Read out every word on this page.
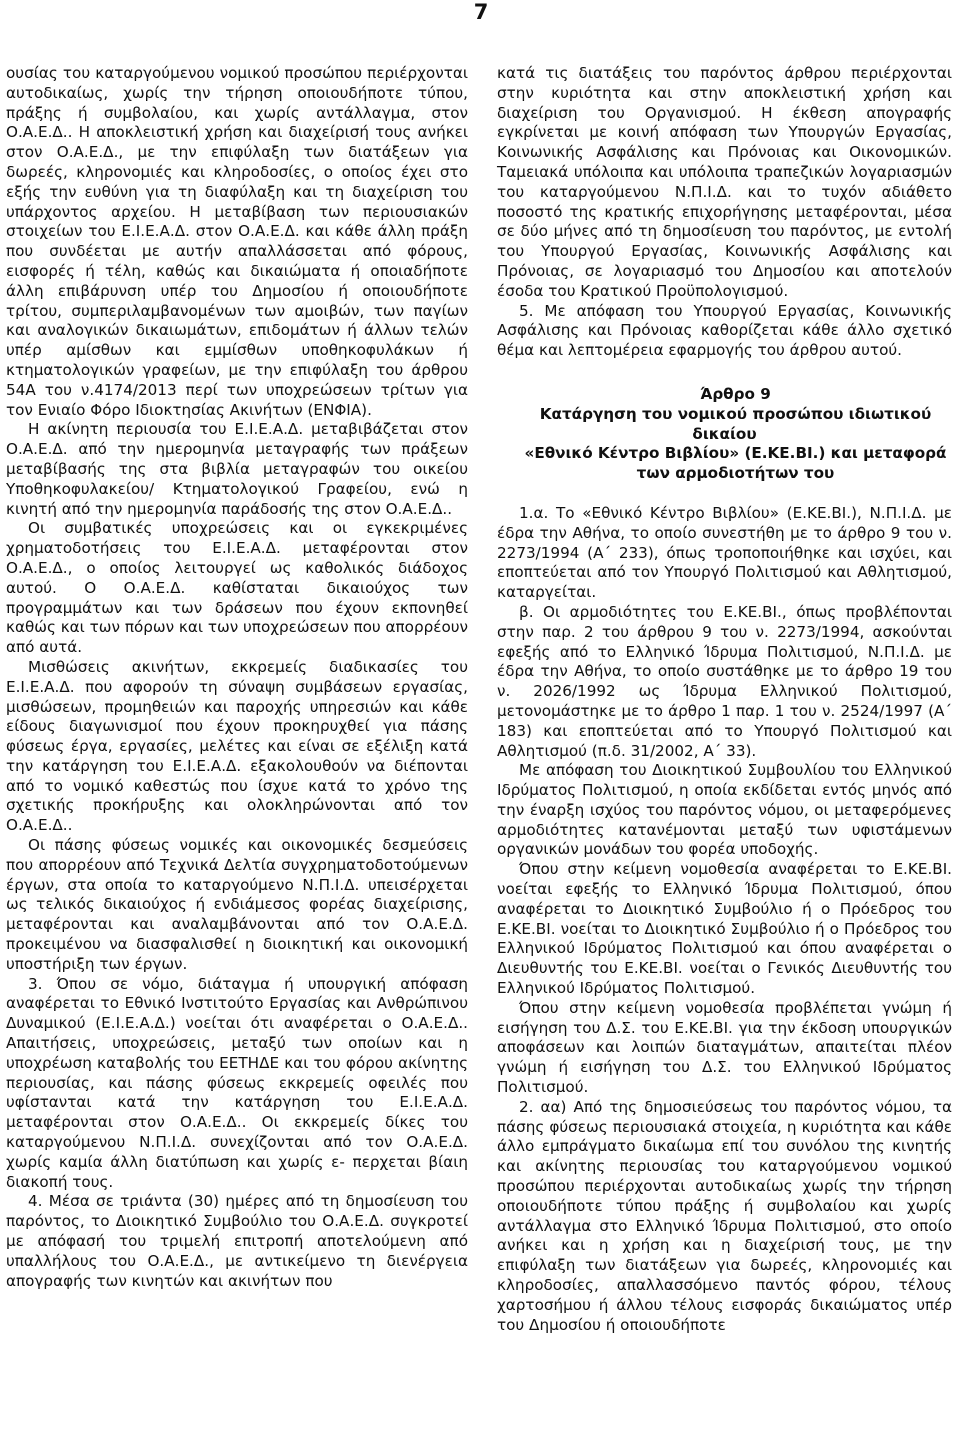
7

ουσίας του καταργούμενου νομικού προσώπου περιέρχονται αυτοδικαίως, χωρίς την τήρηση οποιουδήποτε τύπου, πράξης ή συμβολαίου, και χωρίς αντάλλαγμα, στον Ο.Α.Ε.Δ.. Η αποκλειστική χρήση και διαχείρισή τους ανήκει στον Ο.Α.Ε.Δ., με την επιφύλαξη των διατάξεων για δωρεές, κληρονομιές και κληροδοσίες, ο οποίος έχει στο εξής την ευθύνη για τη διαφύλαξη και τη διαχείριση του υπάρχοντος αρχείου. Η μεταβίβαση των περιουσιακών στοιχείων του Ε.Ι.Ε.Α.Δ. στον Ο.Α.Ε.Δ. και κάθε άλλη πράξη που συνδέεται με αυτήν απαλλάσσεται από φόρους, εισφορές ή τέλη, καθώς και δικαιώματα ή οποιαδήποτε άλλη επιβάρυνση υπέρ του Δημοσίου ή οποιουδήποτε τρίτου, συμπεριλαμβανομένων των αμοιβών, των παγίων και αναλογικών δικαιωμάτων, επιδομάτων ή άλλων τελών υπέρ αμίσθων και εμμίσθων υποθηκοφυλάκων ή κτηματολογικών γραφείων, με την επιφύλαξη του άρθρου 54Α του ν.4174/2013 περί των υποχρεώσεων τρίτων για τον Ενιαίο Φόρο Ιδιοκτησίας Ακινήτων (ΕΝΦΙΑ).

Η ακίνητη περιουσία του Ε.Ι.Ε.Α.Δ. μεταβιβάζεται στον Ο.Α.Ε.Δ. από την ημερομηνία μεταγραφής των πράξεων μεταβίβασής της στα βιβλία μεταγραφών του οικείου Υποθηκοφυλακείου/ Κτηματολογικού Γραφείου, ενώ η κινητή από την ημερομηνία παράδοσής της στον Ο.Α.Ε.Δ..

Οι συμβατικές υποχρεώσεις και οι εγκεκριμένες χρηματοδοτήσεις του Ε.Ι.Ε.Α.Δ. μεταφέρονται στον Ο.Α.Ε.Δ., ο οποίος λειτουργεί ως καθολικός διάδοχος αυτού. Ο Ο.Α.Ε.Δ. καθίσταται δικαιούχος των προγραμμάτων και των δράσεων που έχουν εκπονηθεί καθώς και των πόρων και των υποχρεώσεων που απορρέουν από αυτά.

Μισθώσεις ακινήτων, εκκρεμείς διαδικασίες του Ε.Ι.Ε.Α.Δ. που αφορούν τη σύναψη συμβάσεων εργασίας, μισθώσεων, προμηθειών και παροχής υπηρεσιών και κάθε είδους διαγωνισμοί που έχουν προκηρυχθεί για πάσης φύσεως έργα, εργασίες, μελέτες και είναι σε εξέλιξη κατά την κατάργηση του Ε.Ι.Ε.Α.Δ. εξακολουθούν να διέπονται από το νομικό καθεστώς που ίσχυε κατά το χρόνο της σχετικής προκήρυξης και ολοκληρώνονται από τον Ο.Α.Ε.Δ..

Οι πάσης φύσεως νομικές και οικονομικές δεσμεύσεις που απορρέουν από Τεχνικά Δελτία συγχρηματοδοτούμενων έργων, στα οποία το καταργούμενο Ν.Π.Ι.Δ. υπεισέρχεται ως τελικός δικαιούχος ή ενδιάμεσος φορέας διαχείρισης, μεταφέρονται και αναλαμβάνονται από τον Ο.Α.Ε.Δ. προκειμένου να διασφαλισθεί η διοικητική και οικονομική υποστήριξη των έργων.

3. Όπου σε νόμο, διάταγμα ή υπουργική απόφαση αναφέρεται το Εθνικό Ινστιτούτο Εργασίας και Ανθρώπινου Δυναμικού (Ε.Ι.Ε.Α.Δ.) νοείται ότι αναφέρεται ο Ο.Α.Ε.Δ.. Απαιτήσεις, υποχρεώσεις, μεταξύ των οποίων και η υποχρέωση καταβολής του ΕΕΤΗΔΕ και του φόρου ακίνητης περιουσίας, και πάσης φύσεως εκκρεμείς οφειλές που υφίστανται κατά την κατάργηση του Ε.Ι.Ε.Α.Δ. μεταφέρονται στον Ο.Α.Ε.Δ.. Οι εκκρεμείς δίκες του καταργούμενου Ν.Π.Ι.Δ. συνεχίζονται από τον Ο.Α.Ε.Δ. χωρίς καμία άλλη διατύπωση και χωρίς ε- περχεται βίαιη διακοπή τους.

4. Μέσα σε τριάντα (30) ημέρες από τη δημοσίευση του παρόντος, το Διοικητικό Συμβούλιο του Ο.Α.Ε.Δ. συγκροτεί με απόφασή του τριμελή επιτροπή αποτελούμενη από υπαλλήλους του Ο.Α.Ε.Δ., με αντικείμενο τη διενέργεια απογραφής των κινητών και ακινήτων που

κατά τις διατάξεις του παρόντος άρθρου περιέρχονται στην κυριότητα και στην αποκλειστική χρήση και διαχείριση του Οργανισμού. Η έκθεση απογραφής εγκρίνεται με κοινή απόφαση των Υπουργών Εργασίας, Κοινωνικής Ασφάλισης και Πρόνοιας και Οικονομικών. Ταμειακά υπόλοιπα και υπόλοιπα τραπεζικών λογαριασμών του καταργούμενου Ν.Π.Ι.Δ. και το τυχόν αδιάθετο ποσοστό της κρατικής επιχορήγησης μεταφέρονται, μέσα σε δύο μήνες από τη δημοσίευση του παρόντος, με εντολή του Υπουργού Εργασίας, Κοινωνικής Ασφάλισης και Πρόνοιας, σε λογαριασμό του Δημοσίου και αποτελούν έσοδα του Κρατικού Προϋπολογισμού.

5. Με απόφαση του Υπουργού Εργασίας, Κοινωνικής Ασφάλισης και Πρόνοιας καθορίζεται κάθε άλλο σχετικό θέμα και λεπτομέρεια εφαρμογής του άρθρου αυτού.

Άρθρο 9

Κατάργηση του νομικού προσώπου ιδιωτικού δικαίου

«Εθνικό Κέντρο Βιβλίου» (Ε.ΚΕ.ΒΙ.) και μεταφορά

των αρμοδιοτήτων του

1.α. Το «Εθνικό Κέντρο Βιβλίου» (Ε.ΚΕ.ΒΙ.), Ν.Π.Ι.Δ. με έδρα την Αθήνα, το οποίο συνεστήθη με το άρθρο 9 του ν. 2273/1994 (Α΄ 233), όπως τροποποιήθηκε και ισχύει, και εποπτεύεται από τον Υπουργό Πολιτισμού και Αθλητισμού, καταργείται.

β. Οι αρμοδιότητες του Ε.ΚΕ.ΒΙ., όπως προβλέπονται στην παρ. 2 του άρθρου 9 του ν. 2273/1994, ασκούνται εφεξής από το Ελληνικό Ίδρυμα Πολιτισμού, Ν.Π.Ι.Δ. με έδρα την Αθήνα, το οποίο συστάθηκε με το άρθρο 19 του ν. 2026/1992 ως Ίδρυμα Ελληνικού Πολιτισμού, μετονομάστηκε με το άρθρο 1 παρ. 1 του ν. 2524/1997 (Α΄ 183) και εποπτεύεται από το Υπουργό Πολιτισμού και Αθλητισμού (π.δ. 31/2002, Α΄ 33).

Με απόφαση του Διοικητικού Συμβουλίου του Ελληνικού Ιδρύματος Πολιτισμού, η οποία εκδίδεται εντός μηνός από την έναρξη ισχύος του παρόντος νόμου, οι μεταφερόμενες αρμοδιότητες κατανέμονται μεταξύ των υφιστάμενων οργανικών μονάδων του φορέα υποδοχής.

Όπου στην κείμενη νομοθεσία αναφέρεται το Ε.ΚΕ.ΒΙ. νοείται εφεξής το Ελληνικό Ίδρυμα Πολιτισμού, όπου αναφέρεται το Διοικητικό Συμβούλιο ή ο Πρόεδρος του Ε.ΚΕ.ΒΙ. νοείται το Διοικητικό Συμβούλιο ή ο Πρόεδρος του Ελληνικού Ιδρύματος Πολιτισμού και όπου αναφέρεται ο Διευθυντής του Ε.ΚΕ.ΒΙ. νοείται ο Γενικός Διευθυντής του Ελληνικού Ιδρύματος Πολιτισμού.

Όπου στην κείμενη νομοθεσία προβλέπεται γνώμη ή εισήγηση του Δ.Σ. του Ε.ΚΕ.ΒΙ. για την έκδοση υπουργικών αποφάσεων και λοιπών διαταγμάτων, απαιτείται πλέον γνώμη ή εισήγηση του Δ.Σ. του Ελληνικού Ιδρύματος Πολιτισμού.

2. αα) Από της δημοσιεύσεως του παρόντος νόμου, τα πάσης φύσεως περιουσιακά στοιχεία, η κυριότητα και κάθε άλλο εμπράγματο δικαίωμα επί του συνόλου της κινητής και ακίνητης περιουσίας του καταργούμενου νομικού προσώπου περιέρχονται αυτοδικαίως χωρίς την τήρηση οποιουδήποτε τύπου πράξης ή συμβολαίου και χωρίς αντάλλαγμα στο Ελληνικό Ίδρυμα Πολιτισμού, στο οποίο ανήκει και η χρήση και η διαχείρισή τους, με την επιφύλαξη των διατάξεων για δωρεές, κληρονομιές και κληροδοσίες, απαλλασσόμενο παντός φόρου, τέλους χαρτοσήμου ή άλλου τέλους εισφοράς δικαιώματος υπέρ του Δημοσίου ή οποιουδήποτε
